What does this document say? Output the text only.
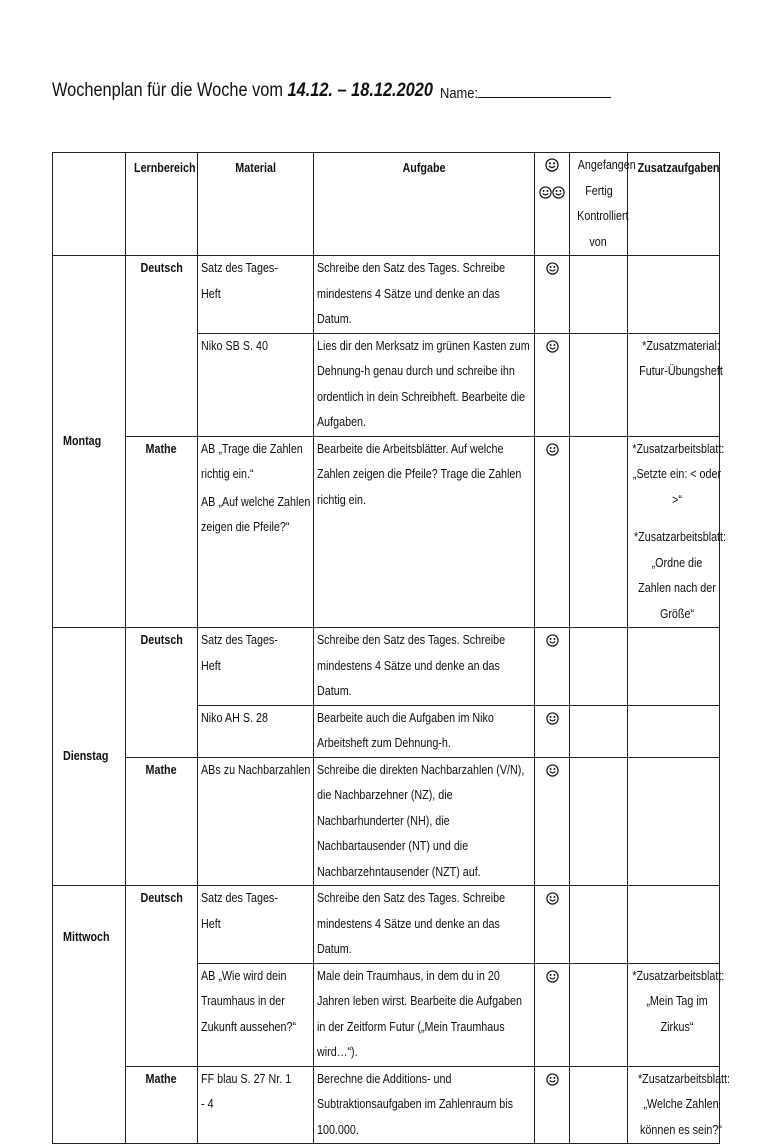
Wochenplan für die Woche vom 14.12. – 18.12.2020 Name:
	Lernbereich	Material	Aufgabe		Angefangen
Fertig
Kontrolliert
von	Zusatzaufgaben
Montag	Deutsch	Satz des Tages-Heft	Schreibe den Satz des Tages. Schreibe mindestens 4 Sätze und denke an das Datum.			
		Niko SB S. 40	Lies dir den Merksatz im grünen Kasten zum Dehnung-h genau durch und schreibe ihn ordentlich in dein Schreibheft. Bearbeite die Aufgaben.			*Zusatzmaterial: Futur-Übungsheft
	Mathe	AB „Trage die Zahlen richtig ein.“
AB „Auf welche Zahlen zeigen die Pfeile?“	Bearbeite die Arbeitsblätter. Auf welche Zahlen zeigen die Pfeile? Trage die Zahlen richtig ein.			*Zusatzarbeitsblatt: „Setzte ein: < oder >“
*Zusatzarbeitsblatt: „Ordne die Zahlen nach der Größe“
Dienstag	Deutsch	Satz des Tages-Heft	Schreibe den Satz des Tages. Schreibe mindestens 4 Sätze und denke an das Datum.			
		Niko AH S. 28	Bearbeite auch die Aufgaben im Niko Arbeitsheft zum Dehnung-h.			
	Mathe	ABs zu Nachbarzahlen	Schreibe die direkten Nachbarzahlen (V/N), die Nachbarzehner (NZ), die Nachbarhunderter (NH), die Nachbartausender (NT) und die Nachbarzehntausender (NZT) auf.			
Mittwoch	Deutsch	Satz des Tages-Heft	Schreibe den Satz des Tages. Schreibe mindestens 4 Sätze und denke an das Datum.			
		AB „Wie wird dein Traumhaus in der Zukunft aussehen?“	Male dein Traumhaus, in dem du in 20 Jahren leben wirst. Bearbeite die Aufgaben in der Zeitform Futur („Mein Traumhaus wird…“).			*Zusatzarbeitsblatt: „Mein Tag im Zirkus“
	Mathe	FF blau S. 27 Nr. 1 - 4	Berechne die Additions- und Subtraktionsaufgaben im Zahlenraum bis 100.000.			*Zusatzarbeitsblatt: „Welche Zahlen können es sein?“
